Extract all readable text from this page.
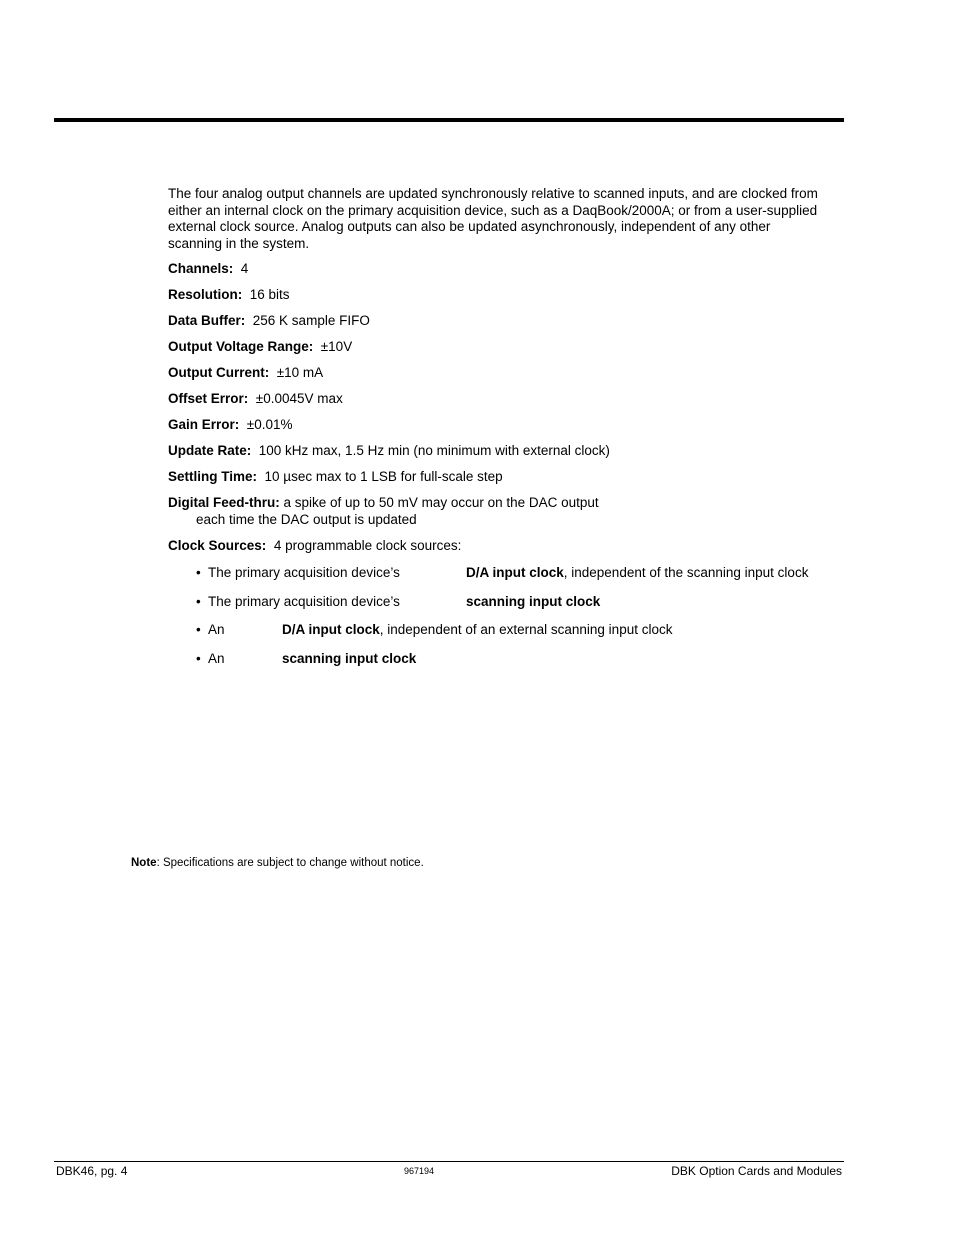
The four analog output channels are updated synchronously relative to scanned inputs, and are clocked from either an internal clock on the primary acquisition device, such as a DaqBook/2000A; or from a user-supplied external clock source. Analog outputs can also be updated asynchronously, independent of any other scanning in the system.

Channels: 4
Resolution: 16 bits
Data Buffer: 256 K sample FIFO
Output Voltage Range: ±10V
Output Current: ±10 mA
Offset Error: ±0.0045V max
Gain Error: ±0.01%
Update Rate: 100 kHz max, 1.5 Hz min (no minimum with external clock)
Settling Time: 10 µsec max to 1 LSB for full-scale step
Digital Feed-thru: a spike of up to 50 mV may occur on the DAC output
each time the DAC output is updated
Clock Sources: 4 programmable clock sources:
• The primary acquisition device’s	D/A input clock, independent of the scanning input clock
• The primary acquisition device’s	scanning input clock
• An	D/A input clock, independent of an external scanning input clock
• An	scanning input clock
Note: Specifications are subject to change without notice.
DBK46, pg. 4	967194	DBK Option Cards and Modules
